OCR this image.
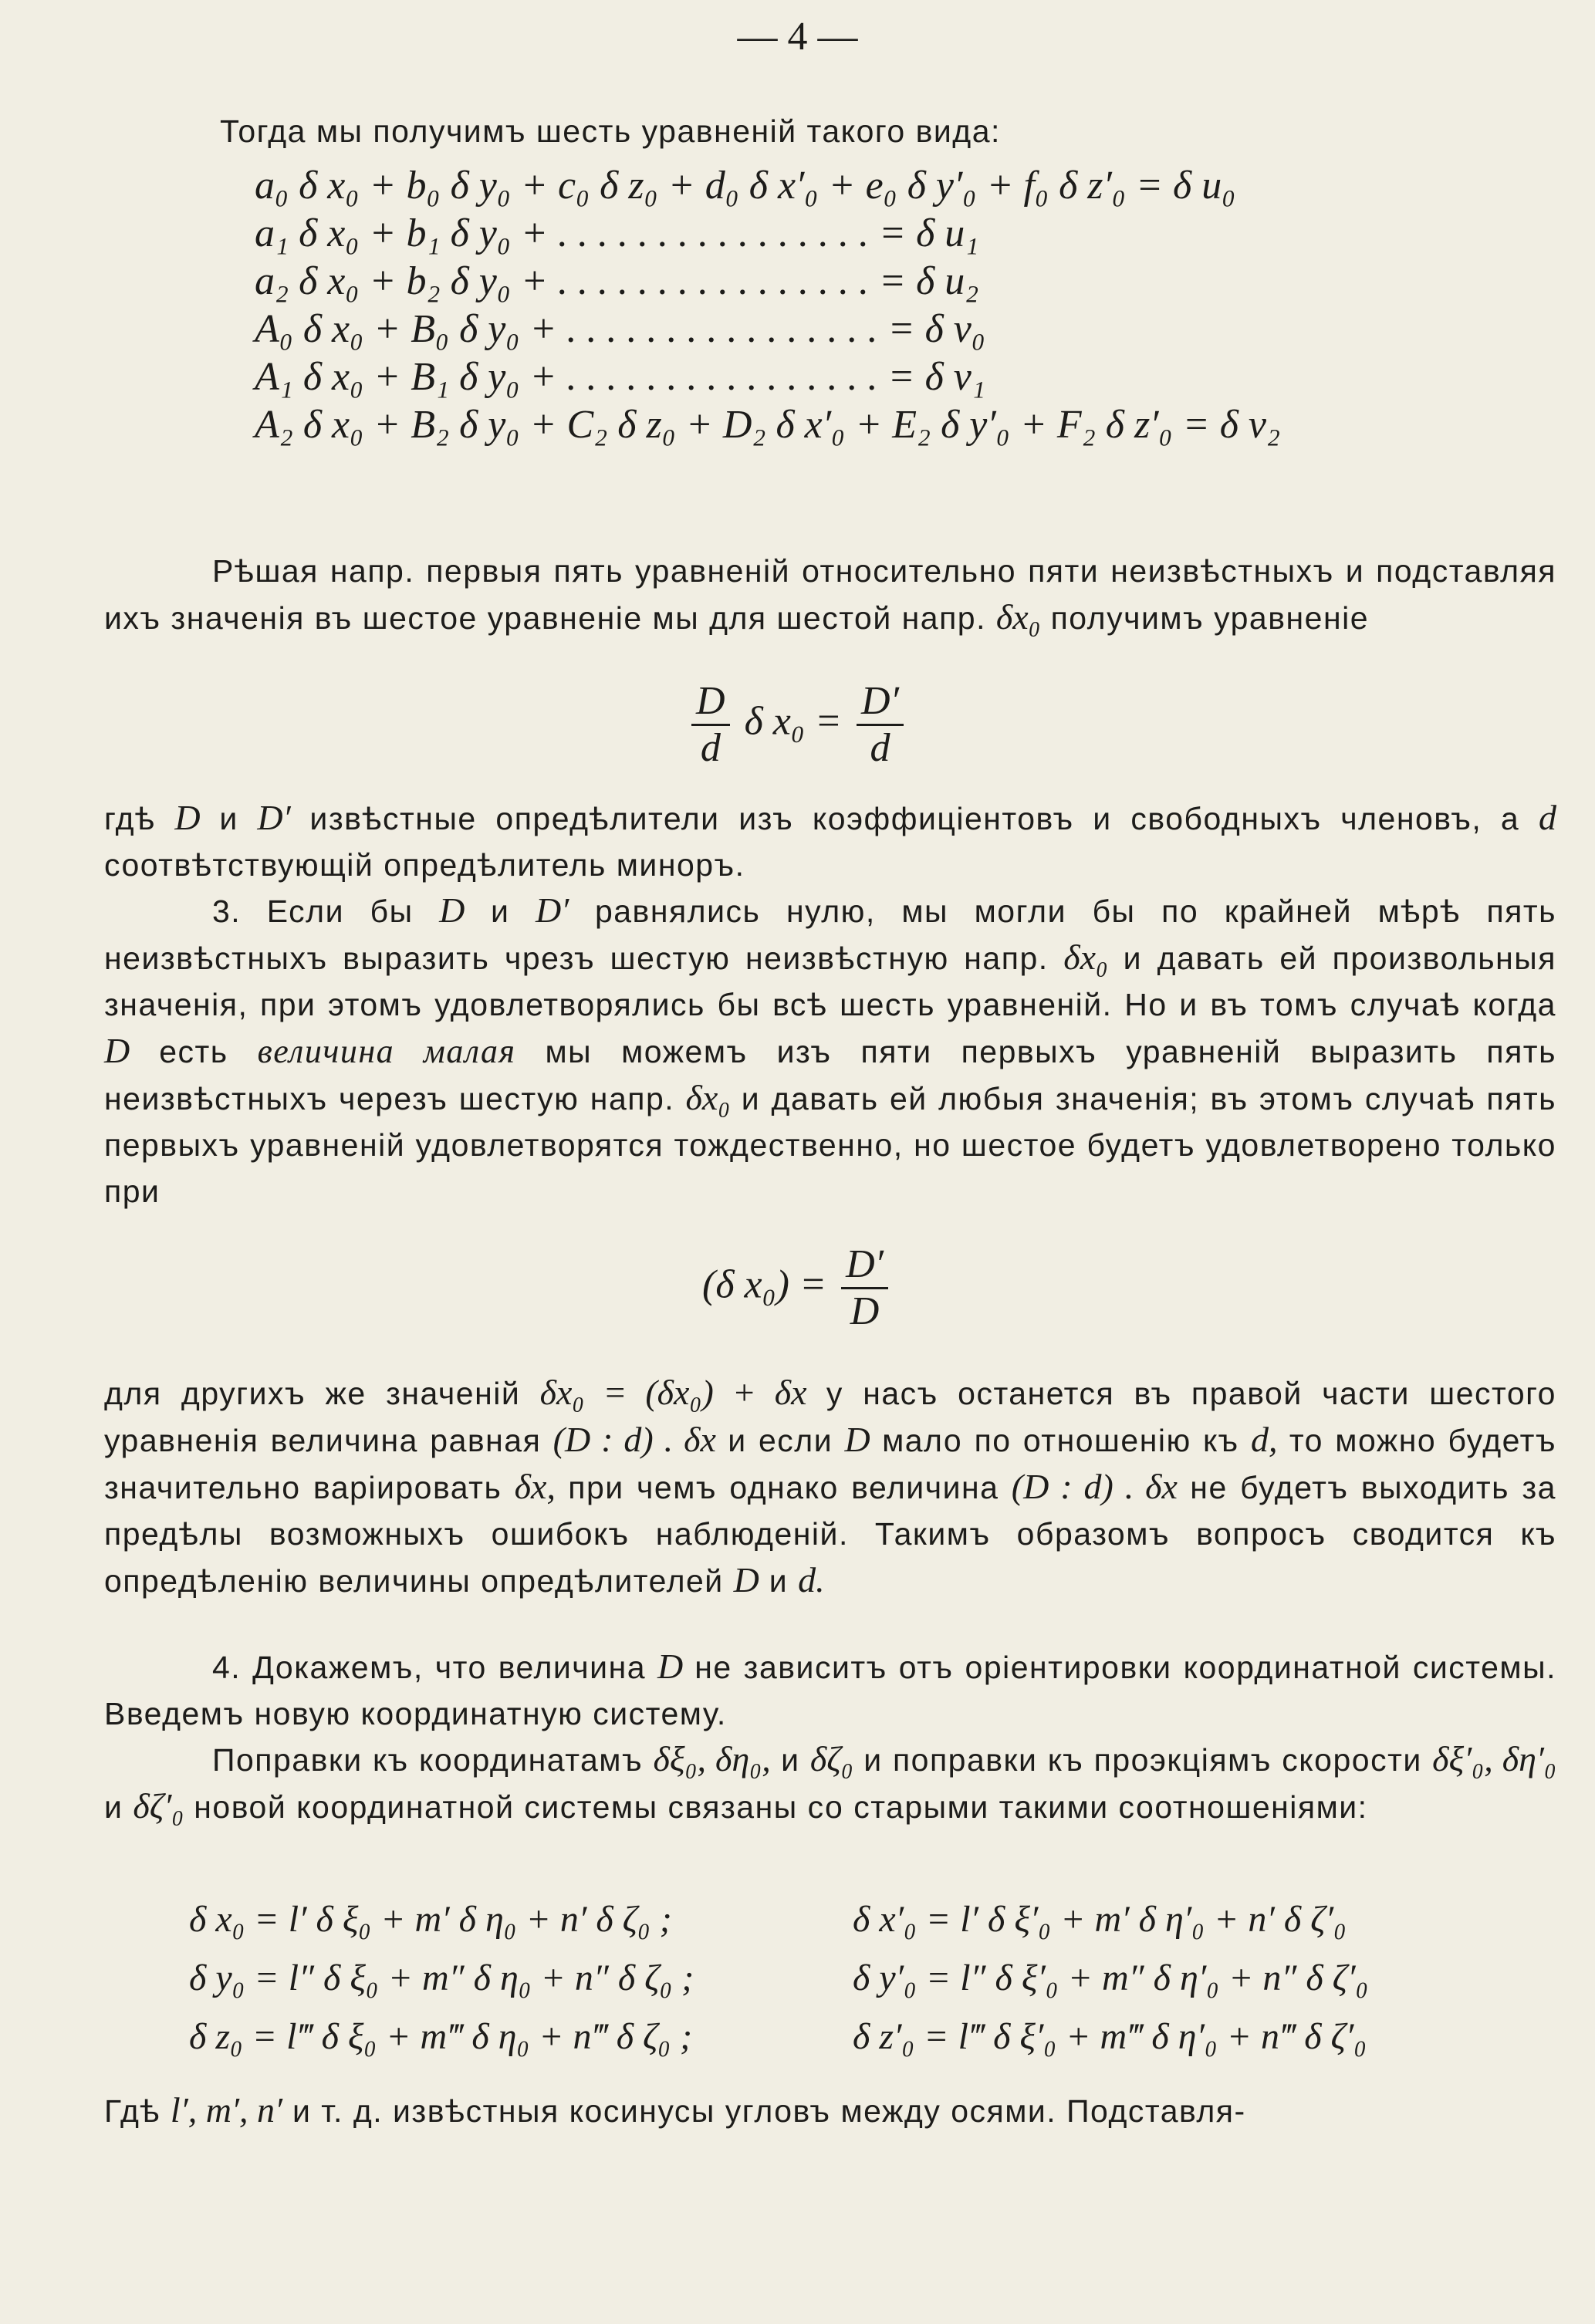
— 4 —
Тогда мы получимъ шесть уравненій такого вида:
a₀ δ x₀ + b₀ δ y₀ + c₀ δ z₀ + d₀ δ x′₀ + e₀ δ y′₀ + f₀ δ z′₀ = δ u₀
a₁ δ x₀ + b₁ δ y₀ + . . . . . . . . . . . . . . . . = δ u₁
a₂ δ x₀ + b₂ δ y₀ + . . . . . . . . . . . . . . . . = δ u₂
A₀ δ x₀ + B₀ δ y₀ + . . . . . . . . . . . . . . . . = δ v₀
A₁ δ x₀ + B₁ δ y₀ + . . . . . . . . . . . . . . . . = δ v₁
A₂ δ x₀ + B₂ δ y₀ + C₂ δ z₀ + D₂ δ x′₀ + E₂ δ y′₀ + F₂ δ z′₀ = δ v₂
Рѣшая напр. первыя пять уравненій относительно пяти неизвѣстныхъ и подставляя ихъ значенія въ шестое уравненіе мы для шестой напр. δx₀ получимъ уравненіе
$\frac{D}{d}$ δ $x_0 = \frac{D'}{d}$
гдѣ D и D′ извѣстные опредѣлители изъ коэффиціентовъ и свободныхъ членовъ, а d соотвѣтствующій опредѣлитель миноръ.
3. Если бы D и D′ равнялись нулю, мы могли бы по крайней мѣрѣ пять неизвѣстныхъ выразить чрезъ шестую неизвѣстную напр. δx₀ и давать ей произвольныя значенія, при этомъ удовлетворялись бы всѣ шесть уравненій. Но и въ томъ случаѣ когда D есть величина малая мы можемъ изъ пяти первыхъ уравненій выразить пять неизвѣстныхъ черезъ шестую напр. δx₀ и давать ей любыя значенія; въ этомъ случаѣ пять первыхъ уравненій удовлетворятся тождественно, но шестое будетъ удовлетворено только при
(δ $x_0) = \frac{D'}{D}$
для другихъ же значеній δx₀ = (δx₀) + δx у насъ останется въ правой части шестого уравненія величина равная (D : d) . δx и если D мало по отношенію къ d, то можно будетъ значительно варіировать δx, при чемъ однако величина (D : d) . δx не будетъ выходить за предѣлы возможныхъ ошибокъ наблюденій. Такимъ образомъ вопросъ сводится къ опредѣленію величины опредѣлителей D и d.
4. Докажемъ, что величина D не зависитъ отъ оріентировки координатной системы. Введемъ новую координатную систему.
Поправки къ координатамъ δξ₀, δη₀, и δζ₀ и поправки къ проэкціямъ скорости δξ′₀, δη′₀ и δζ′₀ новой координатной системы связаны со старыми такими соотношеніями:
δ x₀ = l′ δ ξ₀ + m′ δ η₀ + n′ δ ζ₀ ;	δ x′₀ = l′ δ ξ′₀ + m′ δ η′₀ + n′ δ ζ′₀
δ y₀ = l″ δ ξ₀ + m″ δ η₀ + n″ δ ζ₀ ;	δ y′₀ = l″ δ ξ′₀ + m″ δ η′₀ + n″ δ ζ′₀
δ z₀ = l‴ δ ξ₀ + m‴ δ η₀ + n‴ δ ζ₀ ;	δ z′₀ = l‴ δ ξ′₀ + m‴ δ η′₀ + n‴ δ ζ′₀
Гдѣ l′, m′, n′ и т. д. извѣстныя косинусы угловъ между осями. Подставля-
